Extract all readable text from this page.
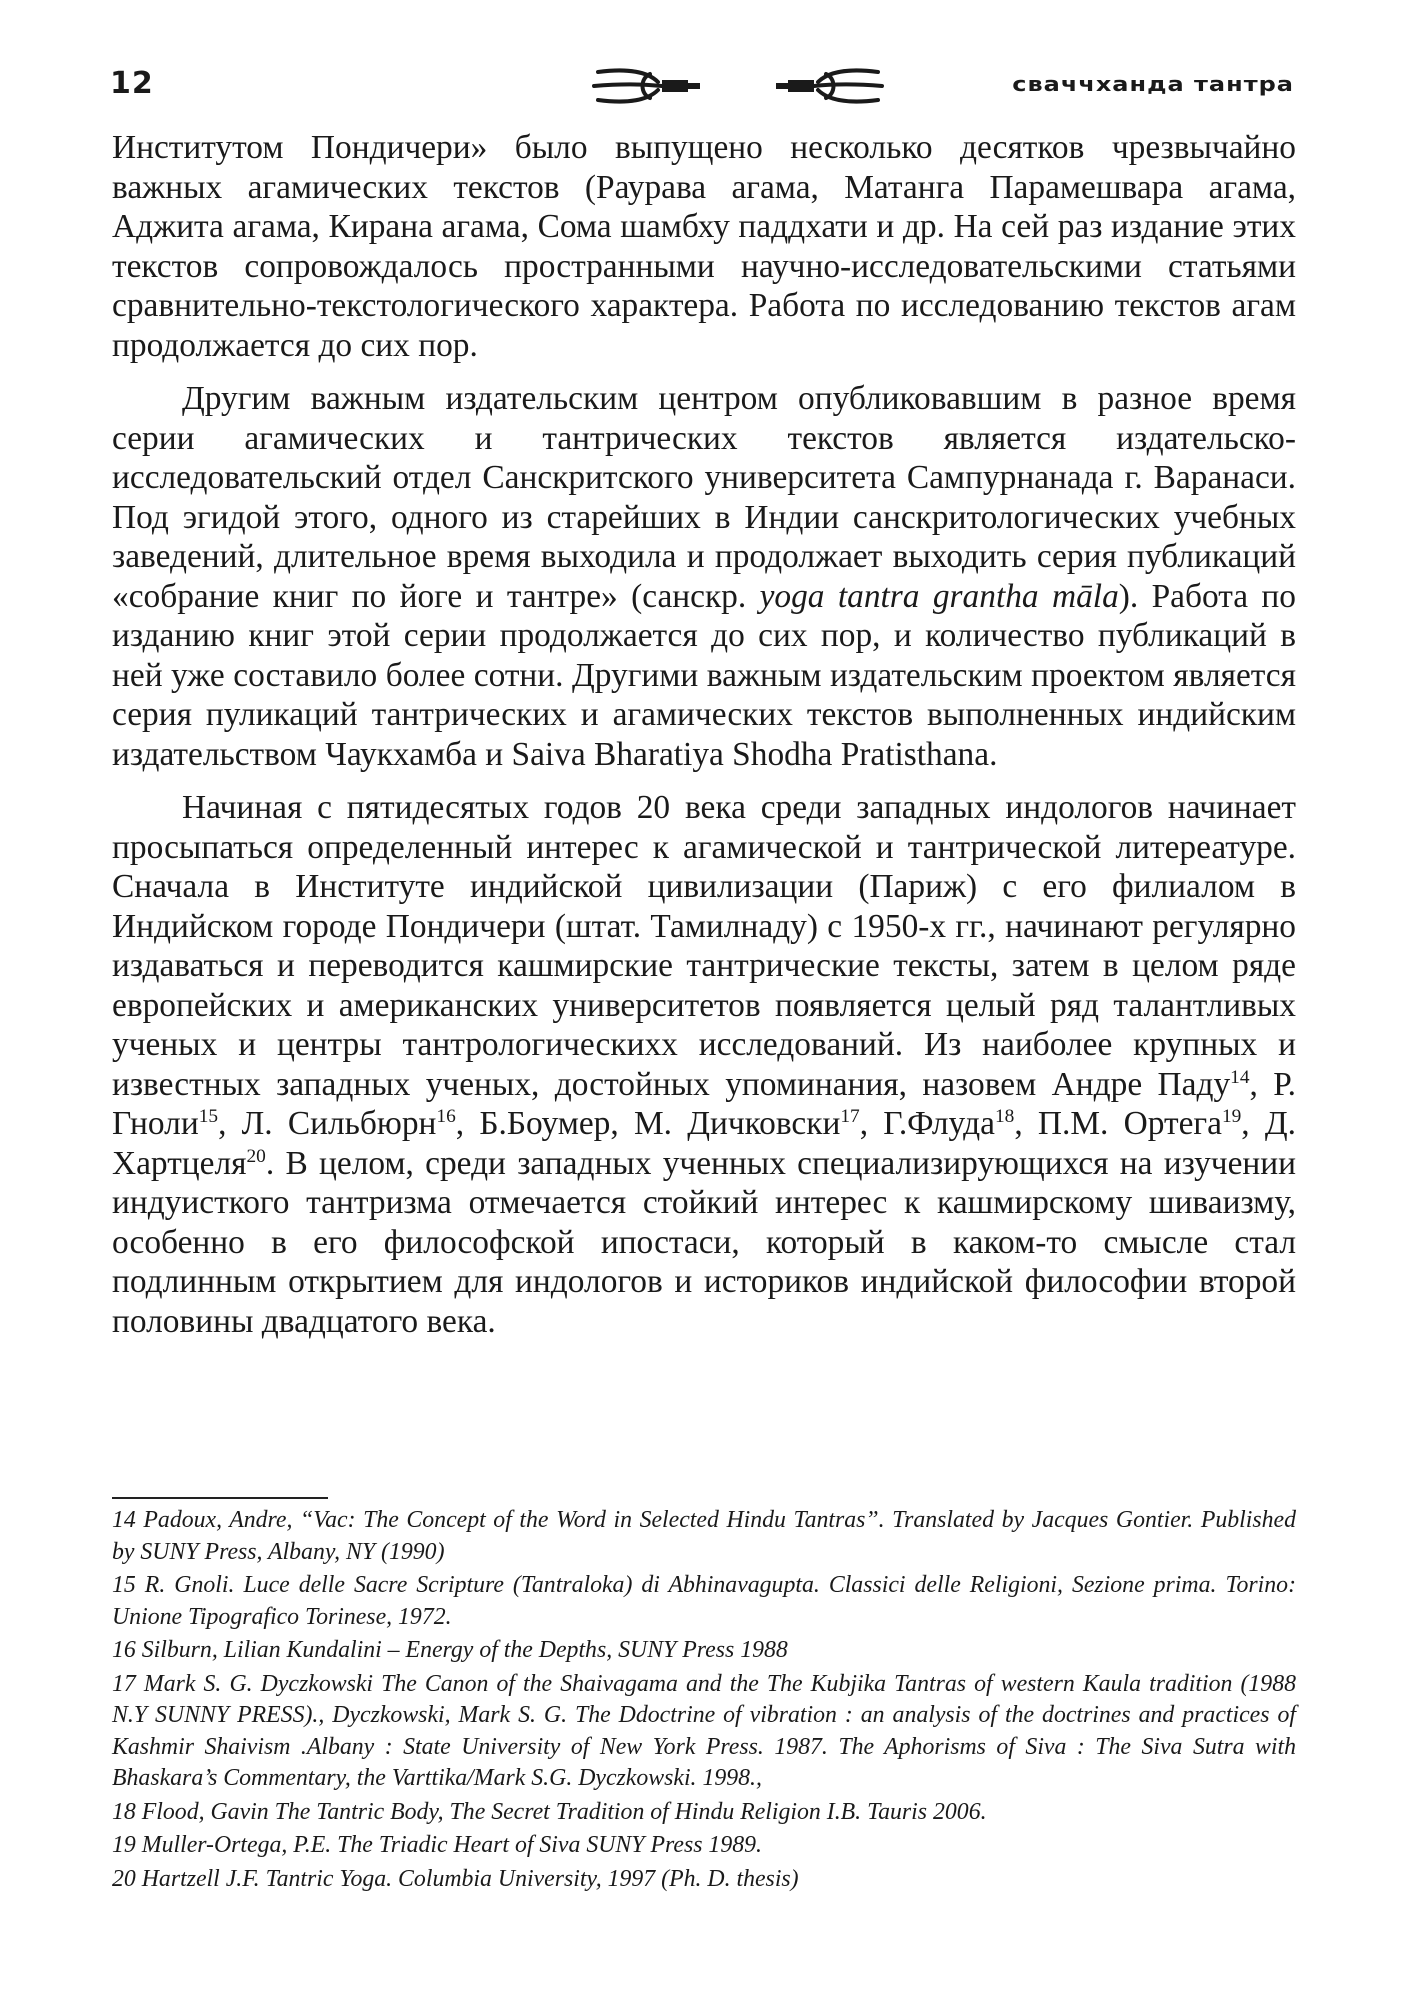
12	сваччханда тантра

Институтом Пондичери» было выпущено несколько десятков чрезвычайно важных агамических текстов (Раурава агама, Матанга Парамешвара агама, Аджита агама, Кирана агама, Сома шамбху паддхати и др. На сей раз издание этих текстов сопровождалось пространными научно-исследовательскими статьями сравнительно-текстологического характера. Работа по исследованию текстов агам продолжается до сих пор.

Другим важным издательским центром опубликовавшим в разное время серии агамических и тантрических текстов является издательско-исследовательский отдел Санскритского университета Сампурнанада г. Варанаси. Под эгидой этого, одного из старейших в Индии санскритологических учебных заведений, длительное время выходила и продолжает выходить серия публикаций «собрание книг по йоге и тантре» (санскр. yoga tantra grantha māla). Работа по изданию книг этой серии продолжается до сих пор, и количество публикаций в ней уже составило более сотни. Другими важным издательским проектом является серия пуликаций тантрических и агамических текстов выполненных индийским издательством Чаукхамба и Saiva Bharatiya Shodha Pratisthana.

Начиная с пятидесятых годов 20 века среди западных индологов начинает просыпаться определенный интерес к агамической и тантрической литереатуре. Сначала в Институте индийской цивилизации (Париж) с его филиалом в Индийском городе Пондичери (штат. Тамилнаду) с 1950-х гг., начинают регулярно издаваться и переводится кашмирские тантрические тексты, затем в целом ряде европейских и американских университетов появляется целый ряд талантливых ученых и центры тантрологическихх исследований. Из наиболее крупных и известных западных ученых, достойных упоминания, назовем Андре Паду$^{14}$, Р. Гноли$^{15}$, Л. Сильбюрн$^{16}$, Б.Боумер, М. Дичковски$^{17}$, Г.Флуда$^{18}$, П.М. Ортега$^{19}$, Д. Хартцеля$^{20}$. В целом, среди западных ученных специализирующихся на изучении индуисткого тантризма отмечается стойкий интерес к кашмирскому шиваизму, особенно в его философской ипостаси, который в каком-то смысле стал подлинным открытием для индологов и историков индийской философии второй половины двадцатого века.

14 Padoux, Andre, “Vac: The Concept of the Word in Selected Hindu Tantras”. Translated by Jacques Gontier. Published by SUNY Press, Albany, NY (1990)

15 R. Gnoli. Luce delle Sacre Scripture (Tantraloka) di Abhinavagupta. Classici delle Religioni, Sezione prima. Torino: Unione Tipografico Torinese, 1972.

16 Silburn, Lilian Kundalini – Energy of the Depths, SUNY Press 1988

17 Mark S. G. Dyczkowski The Canon of the Shaivagama and the The Kubjika Tantras of western Kaula tradition (1988 N.Y SUNNY PRESS)., Dyczkowski, Mark S. G. The Ddoctrine of vibration : an analysis of the doctrines and practices of Kashmir Shaivism .Albany : State University of New York Press. 1987. The Aphorisms of Siva : The Siva Sutra with Bhaskara’s Commentary, the Varttika/Mark S.G. Dyczkowski. 1998.,

18 Flood, Gavin The Tantric Body, The Secret Tradition of Hindu Religion I.B. Tauris 2006.

19 Muller-Ortega, P.E. The Triadic Heart of Siva SUNY Press 1989.

20 Hartzell J.F. Tantric Yoga. Columbia University, 1997 (Ph. D. thesis)
